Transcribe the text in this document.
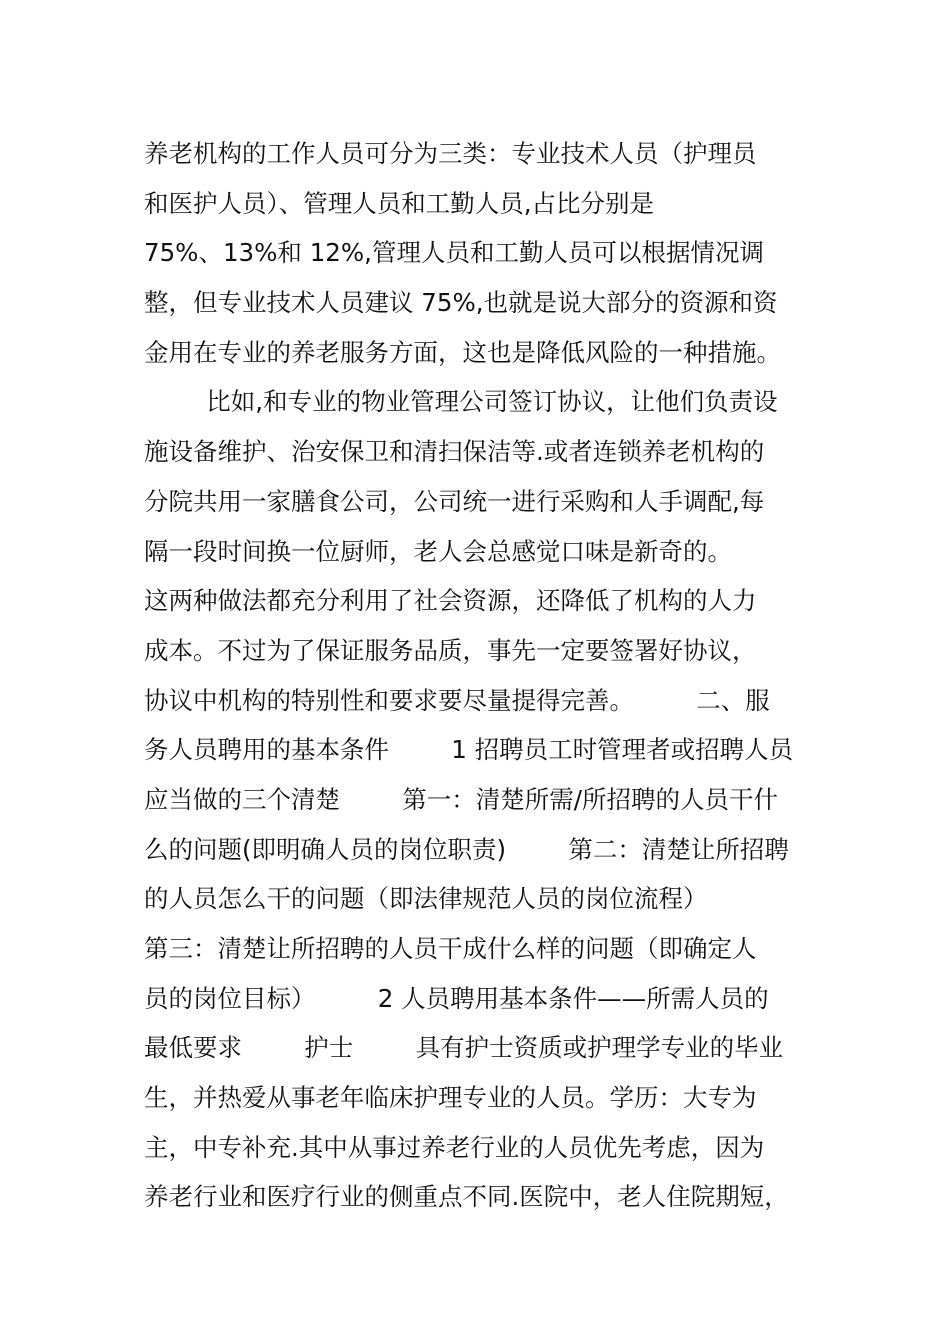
养老机构的工作人员可分为三类：专业技术人员（护理员
和医护人员）、管理人员和工勤人员,占比分别是
75%、13%和 12%,管理人员和工勤人员可以根据情况调
整，但专业技术人员建议 75%,也就是说大部分的资源和资
金用在专业的养老服务方面，这也是降低风险的一种措施。
比如,和专业的物业管理公司签订协议，让他们负责设
施设备维护、治安保卫和清扫保洁等.或者连锁养老机构的
分院共用一家膳食公司，公司统一进行采购和人手调配,每
隔一段时间换一位厨师，老人会总感觉口味是新奇的。
这两种做法都充分利用了社会资源，还降低了机构的人力
成本。不过为了保证服务品质，事先一定要签署好协议，
协议中机构的特别性和要求要尽量提得完善。        二、服
务人员聘用的基本条件        1 招聘员工时管理者或招聘人员
应当做的三个清楚        第一：清楚所需/所招聘的人员干什
么的问题(即明确人员的岗位职责)        第二：清楚让所招聘
的人员怎么干的问题（即法律规范人员的岗位流程）
第三：清楚让所招聘的人员干成什么样的问题（即确定人
员的岗位目标）        2 人员聘用基本条件——所需人员的
最低要求        护士        具有护士资质或护理学专业的毕业
生，并热爱从事老年临床护理专业的人员。学历：大专为
主，中专补充.其中从事过养老行业的人员优先考虑，因为
养老行业和医疗行业的侧重点不同.医院中，老人住院期短，
